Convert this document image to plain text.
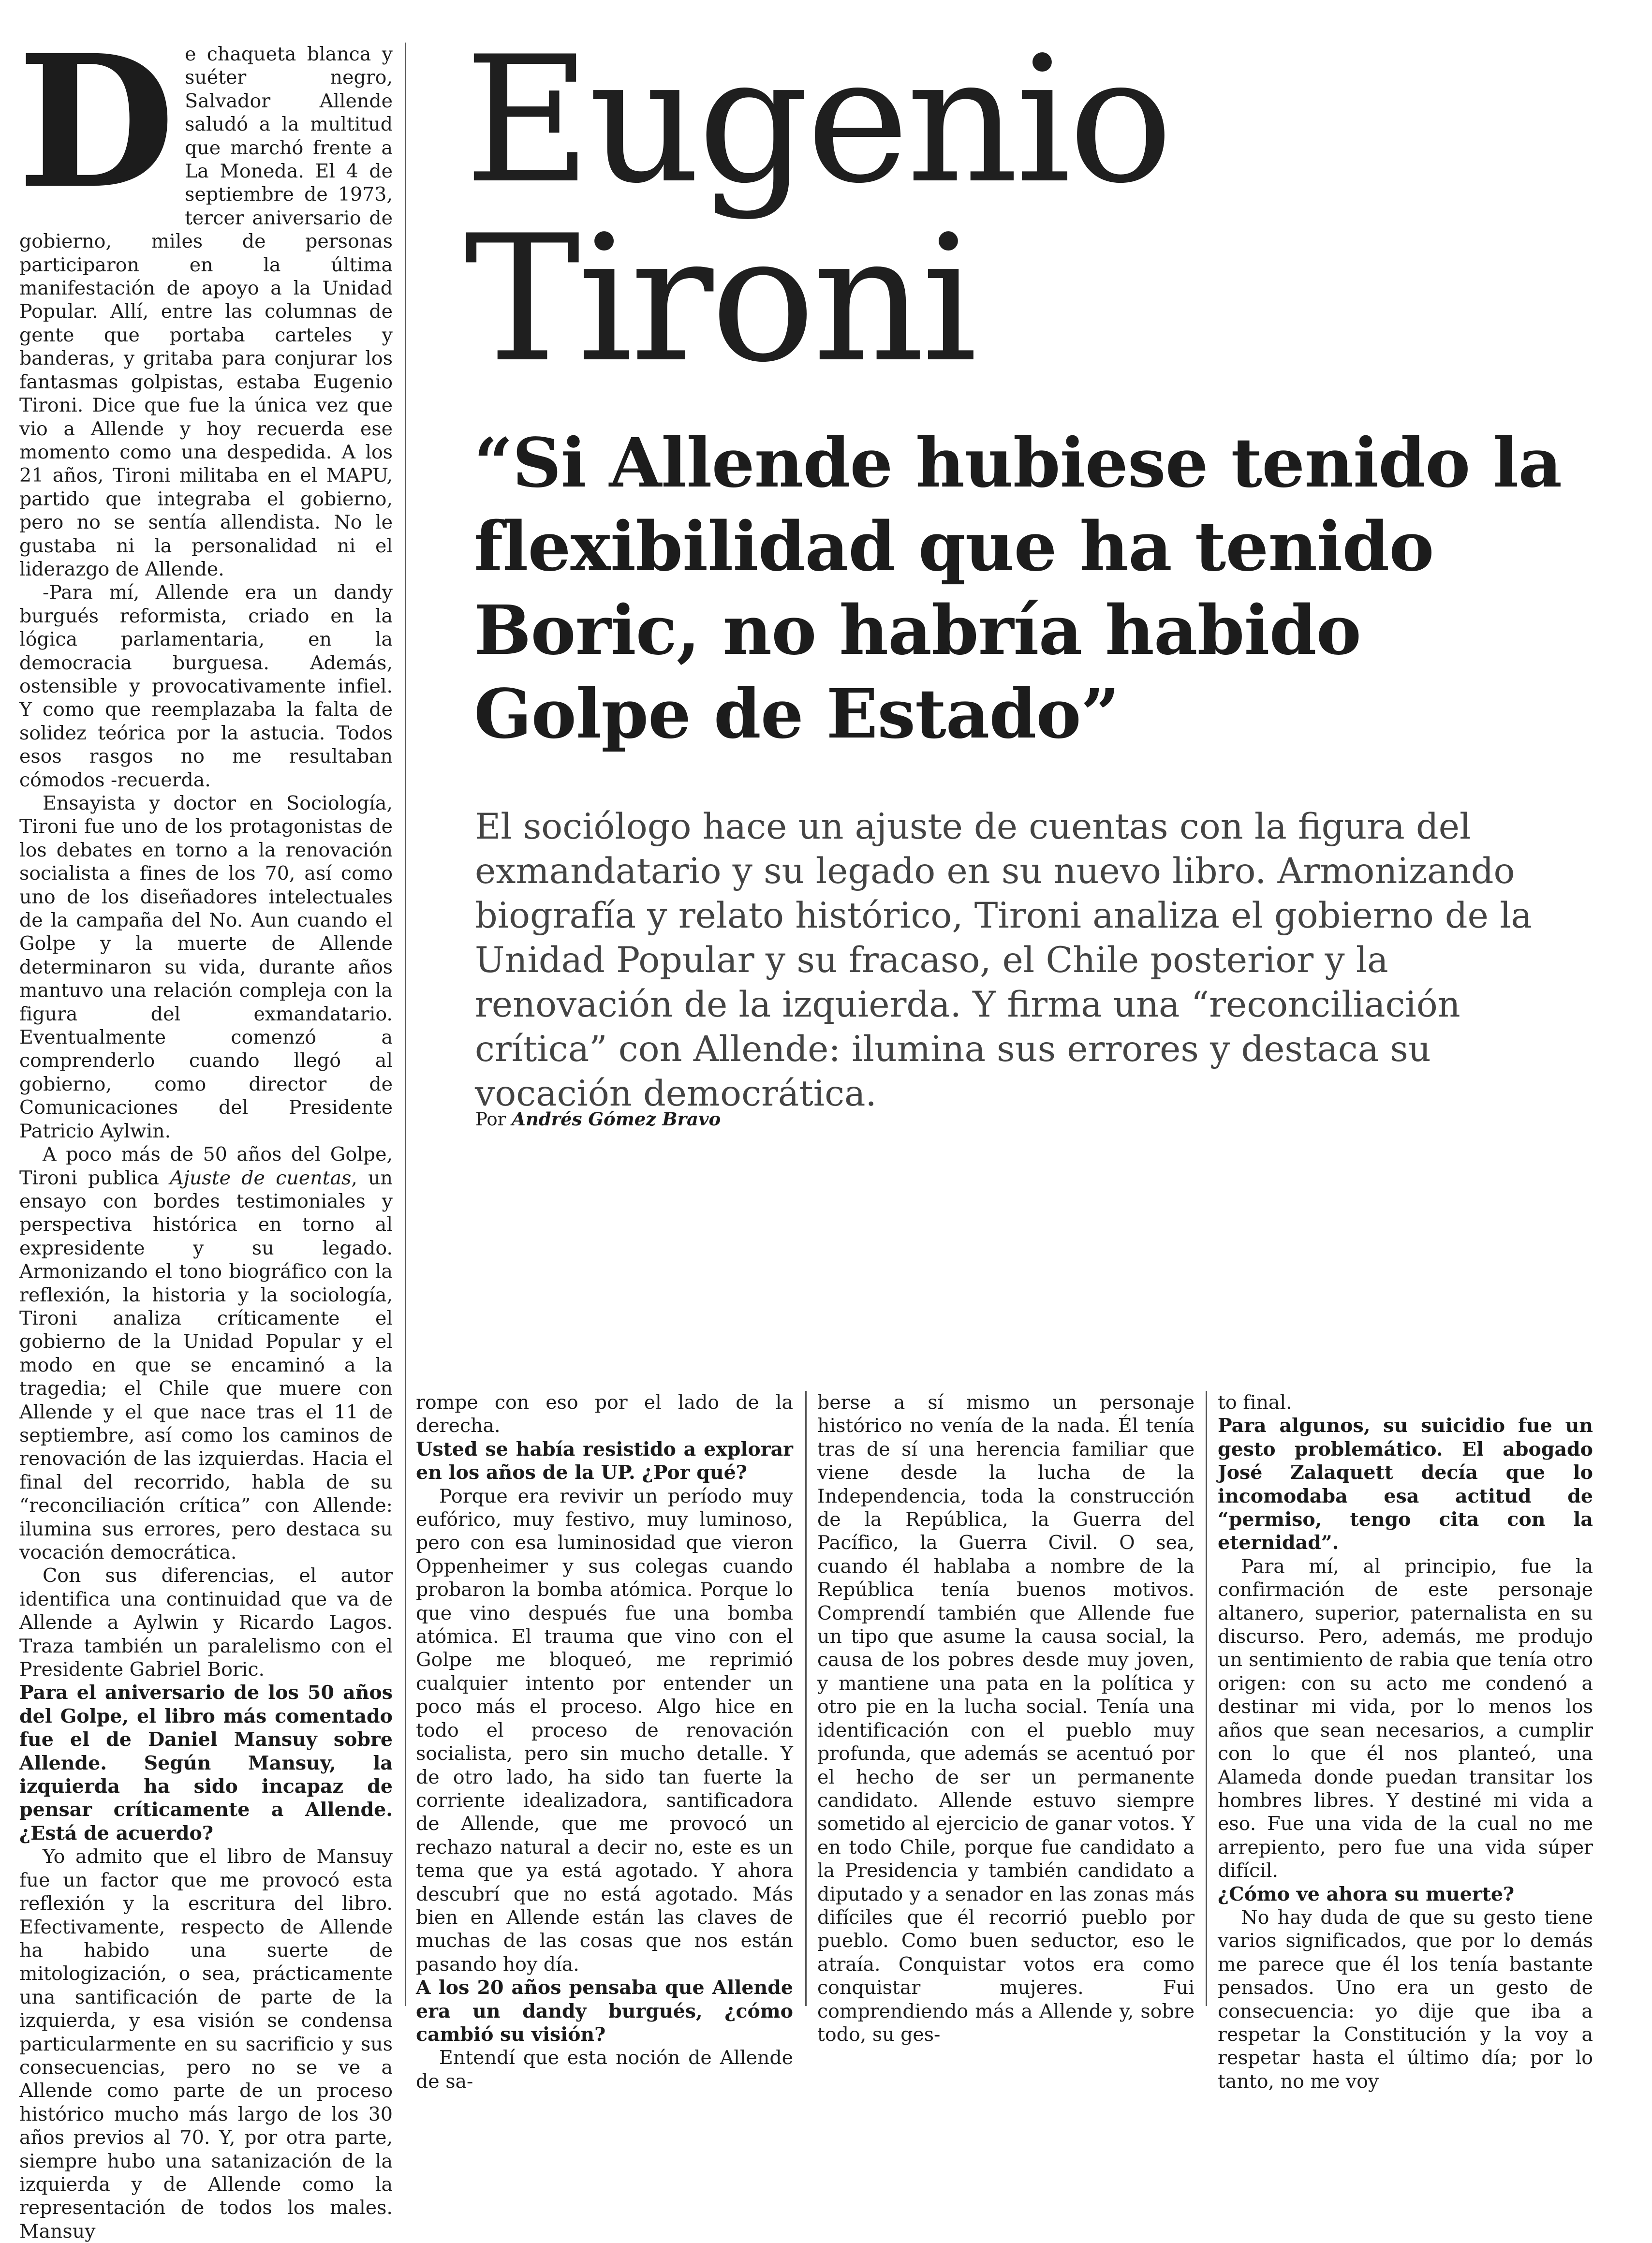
D e chaqueta blanca y suéter negro, Salvador Allende saludó a la multitud que marchó frente a La Moneda. El 4 de septiembre de 1973, tercer aniversario de gobierno, miles de personas participaron en la última manifestación de apoyo a la Unidad Popular. Allí, entre las columnas de gente que portaba carteles y banderas, y gritaba para conjurar los fantasmas golpistas, estaba Eugenio Tironi. Dice que fue la única vez que vio a Allende y hoy recuerda ese momento como una despedida. A los 21 años, Tironi militaba en el MAPU, partido que integraba el gobierno, pero no se sentía allendista. No le gustaba ni la personalidad ni el liderazgo de Allende.

-Para mí, Allende era un dandy burgués reformista, criado en la lógica parlamentaria, en la democracia burguesa. Además, ostensible y provocativamente infiel. Y como que reemplazaba la falta de solidez teórica por la astucia. Todos esos rasgos no me resultaban cómodos -recuerda.

Ensayista y doctor en Sociología, Tironi fue uno de los protagonistas de los debates en torno a la renovación socialista a fines de los 70, así como uno de los diseñadores intelectuales de la campaña del No. Aun cuando el Golpe y la muerte de Allende determinaron su vida, durante años mantuvo una relación compleja con la figura del exmandatario. Eventualmente comenzó a comprenderlo cuando llegó al gobierno, como director de Comunicaciones del Presidente Patricio Aylwin.

A poco más de 50 años del Golpe, Tironi publica Ajuste de cuentas, un ensayo con bordes testimoniales y perspectiva histórica en torno al expresidente y su legado. Armonizando el tono biográfico con la reflexión, la historia y la sociología, Tironi analiza críticamente el gobierno de la Unidad Popular y el modo en que se encaminó a la tragedia; el Chile que muere con Allende y el que nace tras el 11 de septiembre, así como los caminos de renovación de las izquierdas. Hacia el final del recorrido, habla de su “reconciliación crítica” con Allende: ilumina sus errores, pero destaca su vocación democrática.

Con sus diferencias, el autor identifica una continuidad que va de Allende a Aylwin y Ricardo Lagos. Traza también un paralelismo con el Presidente Gabriel Boric.

Para el aniversario de los 50 años del Golpe, el libro más comentado fue el de Daniel Mansuy sobre Allende. Según Mansuy, la izquierda ha sido incapaz de pensar críticamente a Allende. ¿Está de acuerdo?

Yo admito que el libro de Mansuy fue un factor que me provocó esta reflexión y la escritura del libro. Efectivamente, respecto de Allende ha habido una suerte de mitologización, o sea, prácticamente una santificación de parte de la izquierda, y esa visión se condensa particularmente en su sacrificio y sus consecuencias, pero no se ve a Allende como parte de un proceso histórico mucho más largo de los 30 años previos al 70. Y, por otra parte, siempre hubo una satanización de la izquierda y de Allende como la representación de todos los males. Mansuy

Eugenio
Tironi
“Si Allende hubiese tenido la flexibilidad que ha tenido Boric, no habría habido Golpe de Estado”
El sociólogo hace un ajuste de cuentas con la figura del exmandatario y su legado en su nuevo libro. Armonizando biografía y relato histórico, Tironi analiza el gobierno de la Unidad Popular y su fracaso, el Chile posterior y la renovación de la izquierda. Y firma una “reconciliación crítica” con Allende: ilumina sus errores y destaca su vocación democrática.
Por Andrés Gómez Bravo

rompe con eso por el lado de la derecha.

Usted se había resistido a explorar en los años de la UP. ¿Por qué?

Porque era revivir un período muy eufórico, muy festivo, muy luminoso, pero con esa luminosidad que vieron Oppenheimer y sus colegas cuando probaron la bomba atómica. Porque lo que vino después fue una bomba atómica. El trauma que vino con el Golpe me bloqueó, me reprimió cualquier intento por entender un poco más el proceso. Algo hice en todo el proceso de renovación socialista, pero sin mucho detalle. Y de otro lado, ha sido tan fuerte la corriente idealizadora, santificadora de Allende, que me provocó un rechazo natural a decir no, este es un tema que ya está agotado. Y ahora descubrí que no está agotado. Más bien en Allende están las claves de muchas de las cosas que nos están pasando hoy día.

A los 20 años pensaba que Allende era un dandy burgués, ¿cómo cambió su visión?

Entendí que esta noción de Allende de sa-

berse a sí mismo un personaje histórico no venía de la nada. Él tenía tras de sí una herencia familiar que viene desde la lucha de la Independencia, toda la construcción de la República, la Guerra del Pacífico, la Guerra Civil. O sea, cuando él hablaba a nombre de la República tenía buenos motivos. Comprendí también que Allende fue un tipo que asume la causa social, la causa de los pobres desde muy joven, y mantiene una pata en la política y otro pie en la lucha social. Tenía una identificación con el pueblo muy profunda, que además se acentuó por el hecho de ser un permanente candidato. Allende estuvo siempre sometido al ejercicio de ganar votos. Y en todo Chile, porque fue candidato a la Presidencia y también candidato a diputado y a senador en las zonas más difíciles que él recorrió pueblo por pueblo. Como buen seductor, eso le atraía. Conquistar votos era como conquistar mujeres. Fui comprendiendo más a Allende y, sobre todo, su ges-

to final.

Para algunos, su suicidio fue un gesto problemático. El abogado José Zalaquett decía que lo incomodaba esa actitud de “permiso, tengo cita con la eternidad”.

Para mí, al principio, fue la confirmación de este personaje altanero, superior, paternalista en su discurso. Pero, además, me produjo un sentimiento de rabia que tenía otro origen: con su acto me condenó a destinar mi vida, por lo menos los años que sean necesarios, a cumplir con lo que él nos planteó, una Alameda donde puedan transitar los hombres libres. Y destiné mi vida a eso. Fue una vida de la cual no me arrepiento, pero fue una vida súper difícil.

¿Cómo ve ahora su muerte?

No hay duda de que su gesto tiene varios significados, que por lo demás me parece que él los tenía bastante pensados. Uno era un gesto de consecuencia: yo dije que iba a respetar la Constitución y la voy a respetar hasta el último día; por lo tanto, no me voy
